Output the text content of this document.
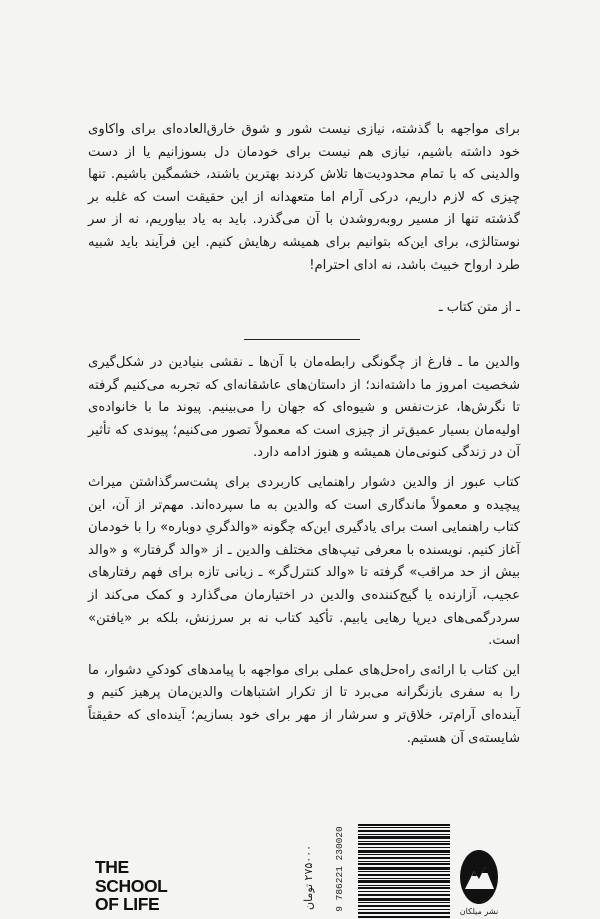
برای مواجهه با گذشته، نیازی نیست شور و شوق خارق‌العاده‌ای برای واکاوی خود داشته باشیم، نیازی هم نیست برای خودمان دل بسوزانیم یا از دست والدینی که با تمام محدودیت‌ها تلاش کردند بهترین باشند، خشمگین باشیم. تنها چیزی که لازم داریم، درکی آرام اما متعهدانه از این حقیقت است که غلبه بر گذشته تنها از مسیر روبه‌روشدن با آن می‌گذرد. باید به یاد بیاوریم، نه از سر نوستالژی، برای این‌که بتوانیم برای همیشه رهایش کنیم. این فرآیند باید شبیه طرد ارواح خبیث باشد، نه ادای احترام!

ـ از متن کتاب ـ

والدین ما ـ فارغ از چگونگی رابطه‌مان با آن‌ها ـ نقشی بنیادین در شکل‌گیری شخصیت امروز ما داشته‌اند؛ از داستان‌های عاشقانه‌ای که تجربه می‌کنیم گرفته تا نگرش‌ها، عزت‌نفس و شیوه‌ای که جهان را می‌بینیم. پیوند ما با خانواده‌ی اولیه‌مان بسیار عمیق‌تر از چیزی است که معمولاً تصور می‌کنیم؛ پیوندی که تأثیر آن در زندگی کنونی‌مان همیشه و هنوز ادامه دارد.

کتاب عبور از والدین دشوار راهنمایی کاربردی برای پشت‌سرگذاشتن میراث پیچیده و معمولاً ماندگاری است که والدین به ما سپرده‌اند. مهم‌تر از آن، این کتاب راهنمایی است برای یادگیری این‌که چگونه «والدگریِ دوباره» را با خودمان آغاز کنیم. نویسنده با معرفی تیپ‌های مختلف والدین ـ از «والد گرفتار» و «والد بیش از حد مراقب» گرفته تا «والد کنترل‌گر» ـ زبانی تازه برای فهم رفتارهای عجیب، آزارنده یا گیج‌کننده‌ی والدین در اختیارمان می‌گذارد و کمک می‌کند از سردرگمی‌های دیرپا رهایی یابیم. تأکید کتاب نه بر سرزنش، بلکه بر «یافتن» است.

این کتاب با ارائه‌ی راه‌حل‌های عملی برای مواجهه با پیامدهای کودکیِ دشوار، ما را به سفری بازنگرانه می‌برد تا از تکرار اشتباهات والدین‌مان پرهیز کنیم و آینده‌ای آرام‌تر، خلاق‌تر و سرشار از مهر برای خود بسازیم؛ آینده‌ای که حقیقتاً شایسته‌ی آن هستیم.

THE
SCHOOL
OF LIFE	۲۷۵۰۰۰ تومان	9 786221 230020	نشر میلکان
